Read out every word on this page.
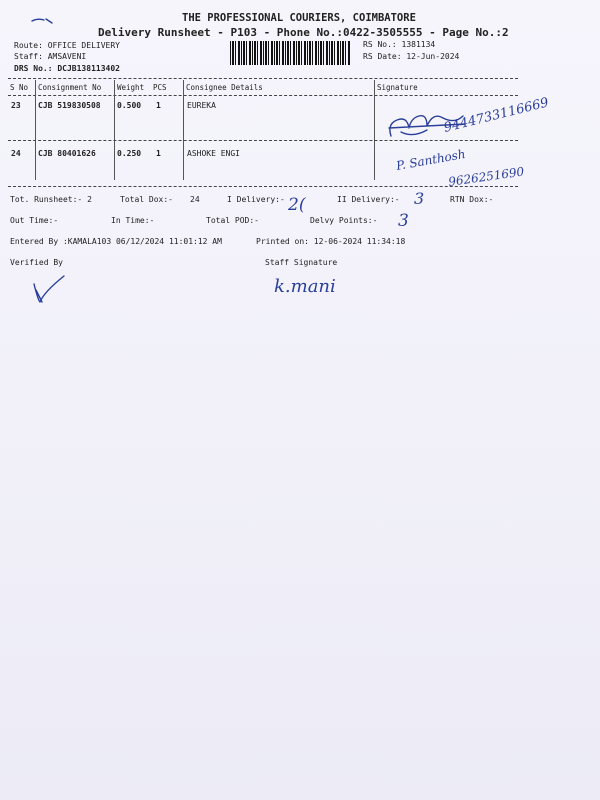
THE PROFESSIONAL COURIERS, COIMBATORE
Delivery Runsheet - P103 - Phone No.:0422-3505555 - Page No.:2
Route: OFFICE DELIVERY
Staff: AMSAVENI
DRS No.: DCJB138113402
RS No.: 1381134
RS Date: 12-Jun-2024
S No Consignment No Weight PCS	Consignee Details	Signature
23 CJB 519830508 0.500 1	EUREKA
24 CJB 80401626	0.250 1	ASHOKE ENGI
9444733116669
P. Santhosh
9626251690
Tot. Runsheet:- 2	Total Dox:- 24	I Delivery:- 2(	II Delivery:- 3	RTN Dox:-
Out Time:-	In Time:-	Total POD:-	Delvy Points:- 3
Entered By :KAMALA103 06/12/2024 11:01:12 AM	Printed on: 12-06-2024 11:34:18
Verified By	Staff Signature
k.mani
